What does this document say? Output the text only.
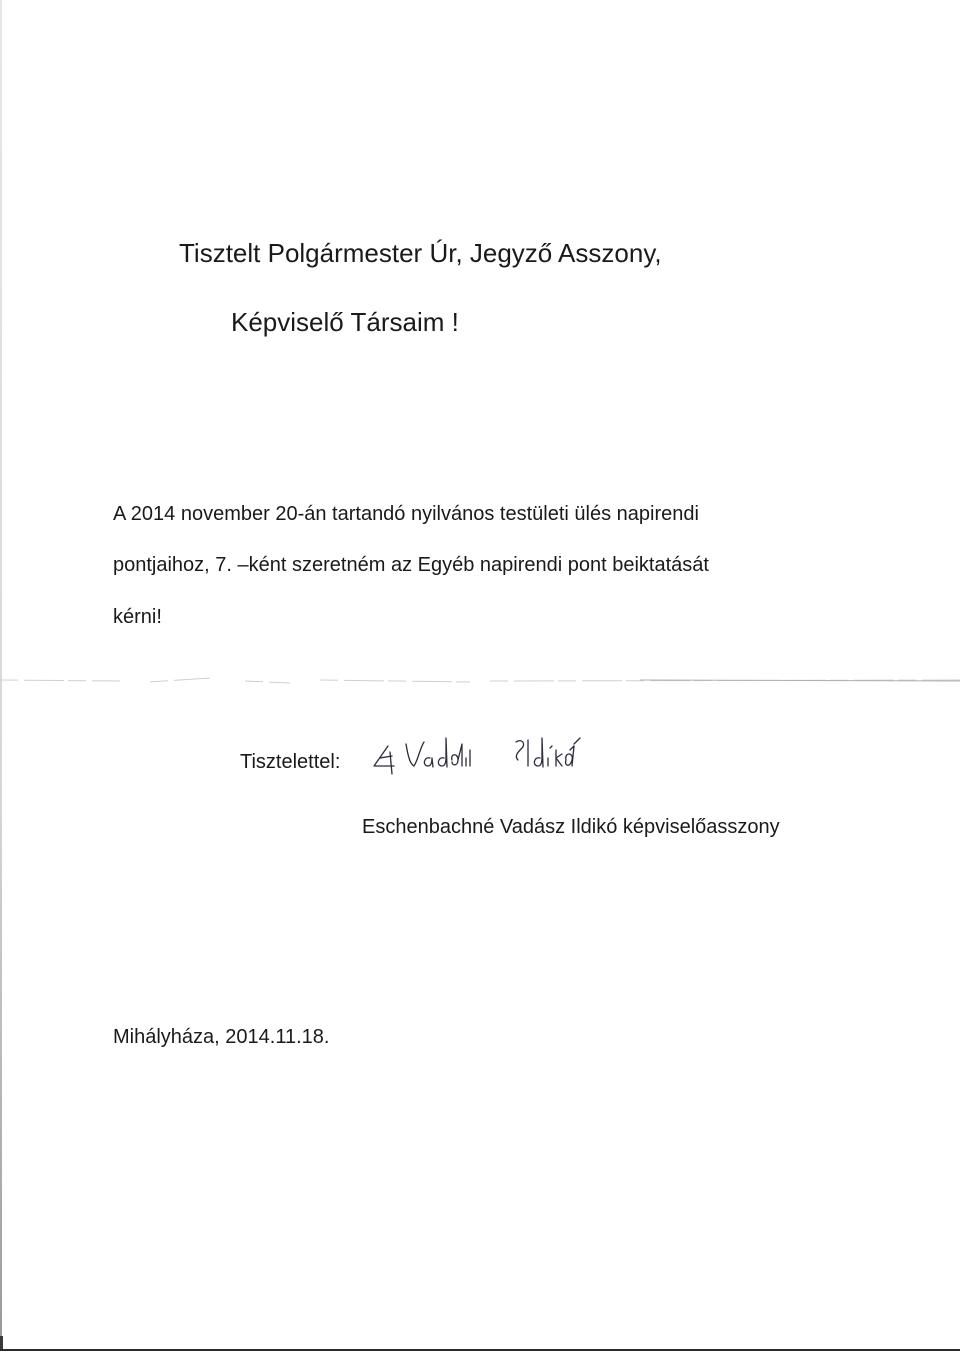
Tisztelt Polgármester Úr, Jegyző Asszony,
Képviselő Társaim !
A 2014 november 20-án tartandó nyilvános testületi ülés napirendi
pontjaihoz, 7. –ként szeretném az Egyéb napirendi pont beiktatását
kérni!
Tisztelettel:
Eschenbachné Vadász Ildikó képviselőasszony
Mihályháza, 2014.11.18.
